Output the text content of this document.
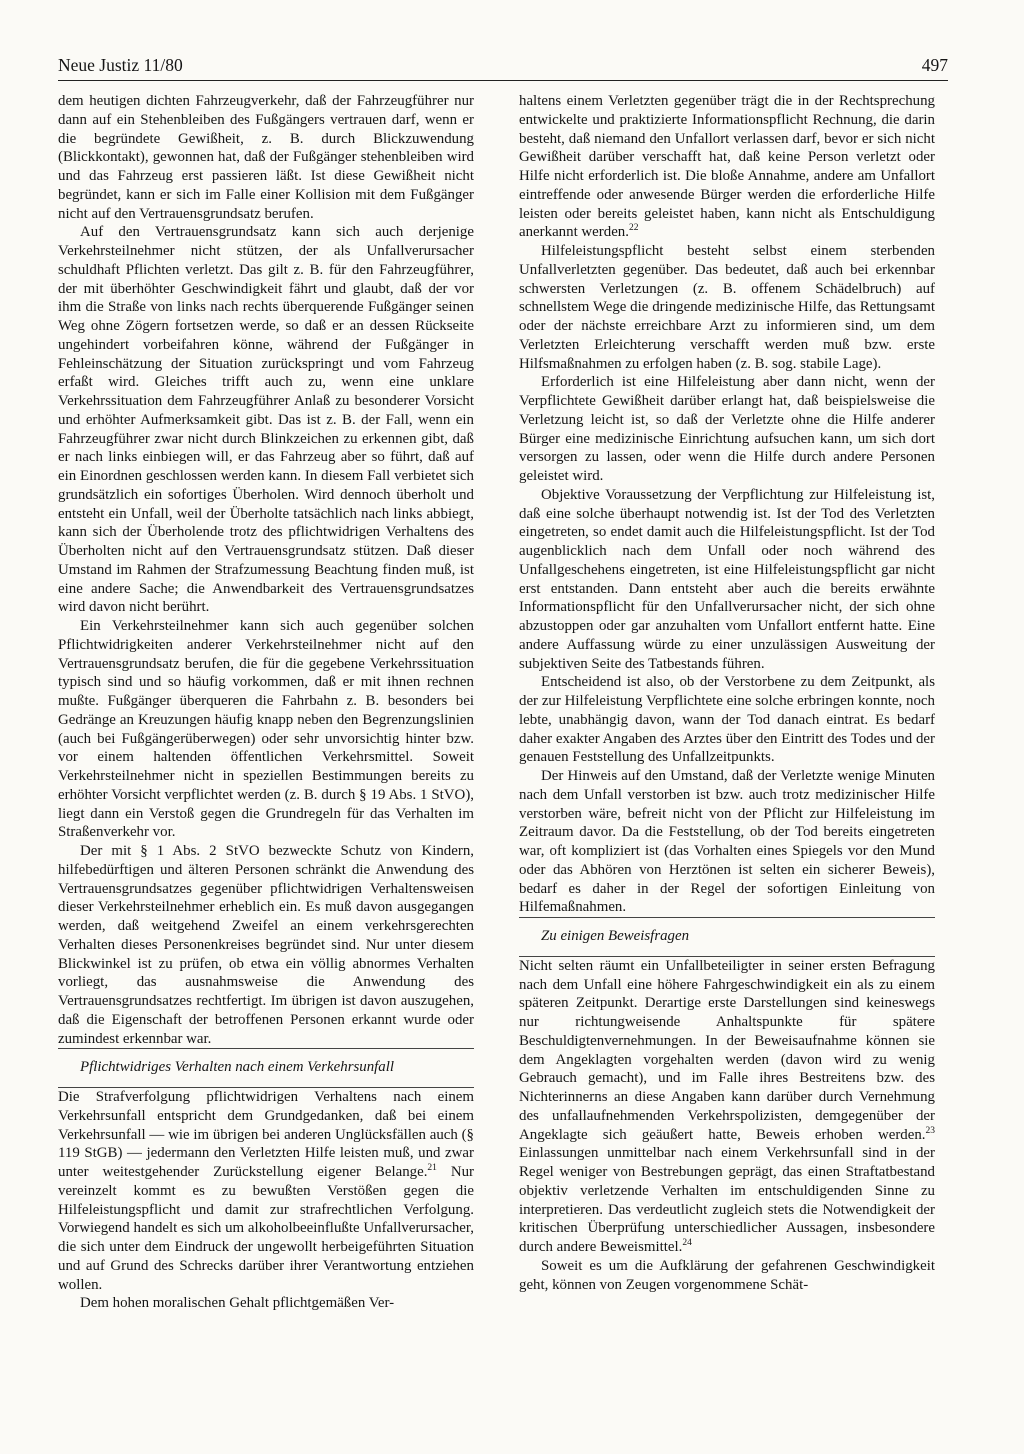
Neue Justiz 11/80	497

dem heutigen dichten Fahrzeugverkehr, daß der Fahrzeugführer nur dann auf ein Stehenbleiben des Fußgängers vertrauen darf, wenn er die begründete Gewißheit, z. B. durch Blickzuwendung (Blickkontakt), gewonnen hat, daß der Fußgänger stehenbleiben wird und das Fahrzeug erst passieren läßt. Ist diese Gewißheit nicht begründet, kann er sich im Falle einer Kollision mit dem Fußgänger nicht auf den Vertrauensgrundsatz berufen.

Auf den Vertrauensgrundsatz kann sich auch derjenige Verkehrsteilnehmer nicht stützen, der als Unfallverursacher schuldhaft Pflichten verletzt. Das gilt z. B. für den Fahrzeugführer, der mit überhöhter Geschwindigkeit fährt und glaubt, daß der vor ihm die Straße von links nach rechts überquerende Fußgänger seinen Weg ohne Zögern fortsetzen werde, so daß er an dessen Rückseite ungehindert vorbeifahren könne, während der Fußgänger in Fehleinschätzung der Situation zurückspringt und vom Fahrzeug erfaßt wird. Gleiches trifft auch zu, wenn eine unklare Verkehrssituation dem Fahrzeugführer Anlaß zu besonderer Vorsicht und erhöhter Aufmerksamkeit gibt. Das ist z. B. der Fall, wenn ein Fahrzeugführer zwar nicht durch Blinkzeichen zu erkennen gibt, daß er nach links einbiegen will, er das Fahrzeug aber so führt, daß auf ein Einordnen geschlossen werden kann. In diesem Fall verbietet sich grundsätzlich ein sofortiges Überholen. Wird dennoch überholt und entsteht ein Unfall, weil der Überholte tatsächlich nach links abbiegt, kann sich der Überholende trotz des pflichtwidrigen Verhaltens des Überholten nicht auf den Vertrauensgrundsatz stützen. Daß dieser Umstand im Rahmen der Strafzumessung Beachtung finden muß, ist eine andere Sache; die Anwendbarkeit des Vertrauensgrundsatzes wird davon nicht berührt.

Ein Verkehrsteilnehmer kann sich auch gegenüber solchen Pflichtwidrigkeiten anderer Verkehrsteilnehmer nicht auf den Vertrauensgrundsatz berufen, die für die gegebene Verkehrssituation typisch sind und so häufig vorkommen, daß er mit ihnen rechnen mußte. Fußgänger überqueren die Fahrbahn z. B. besonders bei Gedränge an Kreuzungen häufig knapp neben den Begrenzungslinien (auch bei Fußgängerüberwegen) oder sehr unvorsichtig hinter bzw. vor einem haltenden öffentlichen Verkehrsmittel. Soweit Verkehrsteilnehmer nicht in speziellen Bestimmungen bereits zu erhöhter Vorsicht verpflichtet werden (z. B. durch § 19 Abs. 1 StVO), liegt dann ein Verstoß gegen die Grundregeln für das Verhalten im Straßenverkehr vor.

Der mit § 1 Abs. 2 StVO bezweckte Schutz von Kindern, hilfebedürftigen und älteren Personen schränkt die Anwendung des Vertrauensgrundsatzes gegenüber pflichtwidrigen Verhaltensweisen dieser Verkehrsteilnehmer erheblich ein. Es muß davon ausgegangen werden, daß weitgehend Zweifel an einem verkehrsgerechten Verhalten dieses Personenkreises begründet sind. Nur unter diesem Blickwinkel ist zu prüfen, ob etwa ein völlig abnormes Verhalten vorliegt, das ausnahmsweise die Anwendung des Vertrauensgrundsatzes rechtfertigt. Im übrigen ist davon auszugehen, daß die Eigenschaft der betroffenen Personen erkannt wurde oder zumindest erkennbar war.

Pflichtwidriges Verhalten nach einem Verkehrsunfall

Die Strafverfolgung pflichtwidrigen Verhaltens nach einem Verkehrsunfall entspricht dem Grundgedanken, daß bei einem Verkehrsunfall — wie im übrigen bei anderen Unglücksfällen auch (§ 119 StGB) — jedermann den Verletzten Hilfe leisten muß, und zwar unter weitestgehender Zurückstellung eigener Belange.$^{21}$ Nur vereinzelt kommt es zu bewußten Verstößen gegen die Hilfeleistungspflicht und damit zur strafrechtlichen Verfolgung. Vorwiegend handelt es sich um alkoholbeeinflußte Unfallverursacher, die sich unter dem Eindruck der ungewollt herbeigeführten Situation und auf Grund des Schrecks darüber ihrer Verantwortung entziehen wollen.

Dem hohen moralischen Gehalt pflichtgemäßen Ver-

haltens einem Verletzten gegenüber trägt die in der Rechtsprechung entwickelte und praktizierte Informationspflicht Rechnung, die darin besteht, daß niemand den Unfallort verlassen darf, bevor er sich nicht Gewißheit darüber verschafft hat, daß keine Person verletzt oder Hilfe nicht erforderlich ist. Die bloße Annahme, andere am Unfallort eintreffende oder anwesende Bürger werden die erforderliche Hilfe leisten oder bereits geleistet haben, kann nicht als Entschuldigung anerkannt werden.$^{22}$

Hilfeleistungspflicht besteht selbst einem sterbenden Unfallverletzten gegenüber. Das bedeutet, daß auch bei erkennbar schwersten Verletzungen (z. B. offenem Schädelbruch) auf schnellstem Wege die dringende medizinische Hilfe, das Rettungsamt oder der nächste erreichbare Arzt zu informieren sind, um dem Verletzten Erleichterung verschafft werden muß bzw. erste Hilfsmaßnahmen zu erfolgen haben (z. B. sog. stabile Lage).

Erforderlich ist eine Hilfeleistung aber dann nicht, wenn der Verpflichtete Gewißheit darüber erlangt hat, daß beispielsweise die Verletzung leicht ist, so daß der Verletzte ohne die Hilfe anderer Bürger eine medizinische Einrichtung aufsuchen kann, um sich dort versorgen zu lassen, oder wenn die Hilfe durch andere Personen geleistet wird.

Objektive Voraussetzung der Verpflichtung zur Hilfeleistung ist, daß eine solche überhaupt notwendig ist. Ist der Tod des Verletzten eingetreten, so endet damit auch die Hilfeleistungspflicht. Ist der Tod augenblicklich nach dem Unfall oder noch während des Unfallgeschehens eingetreten, ist eine Hilfeleistungspflicht gar nicht erst entstanden. Dann entsteht aber auch die bereits erwähnte Informationspflicht für den Unfallverursacher nicht, der sich ohne abzustoppen oder gar anzuhalten vom Unfallort entfernt hatte. Eine andere Auffassung würde zu einer unzulässigen Ausweitung der subjektiven Seite des Tatbestands führen.

Entscheidend ist also, ob der Verstorbene zu dem Zeitpunkt, als der zur Hilfeleistung Verpflichtete eine solche erbringen konnte, noch lebte, unabhängig davon, wann der Tod danach eintrat. Es bedarf daher exakter Angaben des Arztes über den Eintritt des Todes und der genauen Feststellung des Unfallzeitpunkts.

Der Hinweis auf den Umstand, daß der Verletzte wenige Minuten nach dem Unfall verstorben ist bzw. auch trotz medizinischer Hilfe verstorben wäre, befreit nicht von der Pflicht zur Hilfeleistung im Zeitraum davor. Da die Feststellung, ob der Tod bereits eingetreten war, oft kompliziert ist (das Vorhalten eines Spiegels vor den Mund oder das Abhören von Herztönen ist selten ein sicherer Beweis), bedarf es daher in der Regel der sofortigen Einleitung von Hilfemaßnahmen.

Zu einigen Beweisfragen

Nicht selten räumt ein Unfallbeteiligter in seiner ersten Befragung nach dem Unfall eine höhere Fahrgeschwindigkeit ein als zu einem späteren Zeitpunkt. Derartige erste Darstellungen sind keineswegs nur richtungweisende Anhaltspunkte für spätere Beschuldigtenvernehmungen. In der Beweisaufnahme können sie dem Angeklagten vorgehalten werden (davon wird zu wenig Gebrauch gemacht), und im Falle ihres Bestreitens bzw. des Nichterinnerns an diese Angaben kann darüber durch Vernehmung des unfallaufnehmenden Verkehrspolizisten, demgegenüber der Angeklagte sich geäußert hatte, Beweis erhoben werden.$^{23}$ Einlassungen unmittelbar nach einem Verkehrsunfall sind in der Regel weniger von Bestrebungen geprägt, das einen Straftatbestand objektiv verletzende Verhalten im entschuldigenden Sinne zu interpretieren. Das verdeutlicht zugleich stets die Notwendigkeit der kritischen Überprüfung unterschiedlicher Aussagen, insbesondere durch andere Beweismittel.$^{24}$

Soweit es um die Aufklärung der gefahrenen Geschwindigkeit geht, können von Zeugen vorgenommene Schät-
